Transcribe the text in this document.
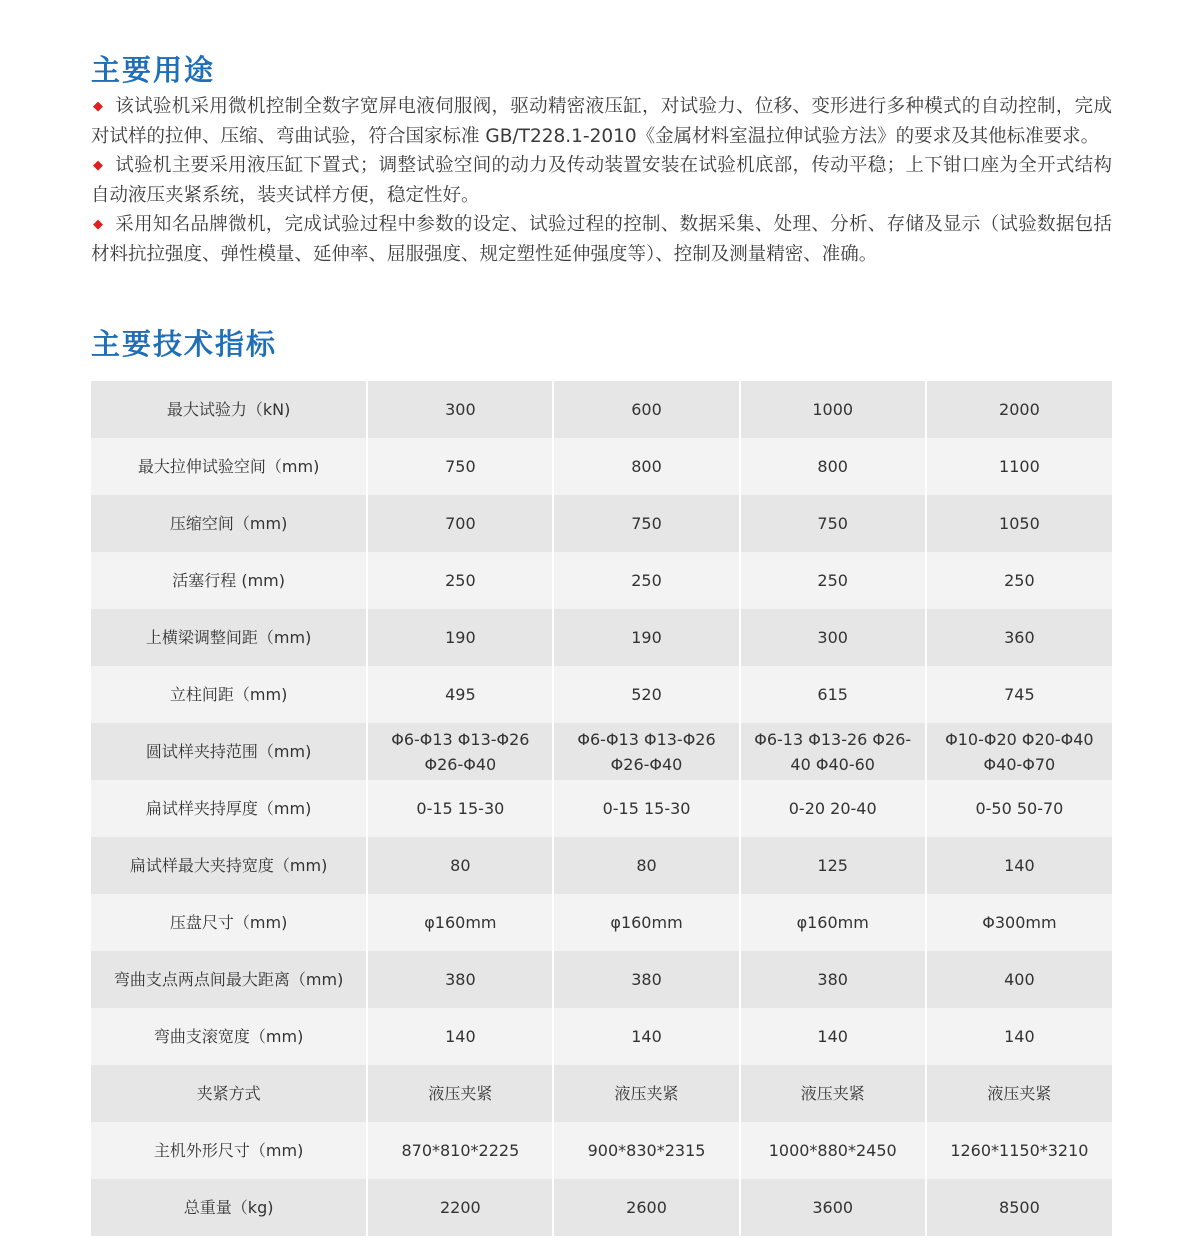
主要用途
◆ 该试验机采用微机控制全数字宽屏电液伺服阀，驱动精密液压缸，对试验力、位移、变形进行多种模式的自动控制，完成对试样的拉伸、压缩、弯曲试验，符合国家标准 GB/T228.1-2010《金属材料室温拉伸试验方法》的要求及其他标准要求。
◆ 试验机主要采用液压缸下置式；调整试验空间的动力及传动装置安装在试验机底部，传动平稳；上下钳口座为全开式结构自动液压夹紧系统，装夹试样方便，稳定性好。
◆ 采用知名品牌微机，完成试验过程中参数的设定、试验过程的控制、数据采集、处理、分析、存储及显示（试验数据包括材料抗拉强度、弹性模量、延伸率、屈服强度、规定塑性延伸强度等）、控制及测量精密、准确。
主要技术指标
最大试验力（kN)	300	600	1000	2000
最大拉伸试验空间（mm)	750	800	800	1100
压缩空间（mm)	700	750	750	1050
活塞行程 (mm)	250	250	250	250
上横梁调整间距（mm)	190	190	300	360
立柱间距（mm)	495	520	615	745
圆试样夹持范围（mm)	Φ6-Φ13 Φ13-Φ26 Φ26-Φ40	Φ6-Φ13 Φ13-Φ26 Φ26-Φ40	Φ6-13 Φ13-26 Φ26-40 Φ40-60	Φ10-Φ20 Φ20-Φ40 Φ40-Φ70
扁试样夹持厚度（mm)	0-15 15-30	0-15 15-30	0-20 20-40	0-50 50-70
扁试样最大夹持宽度（mm)	80	80	125	140
压盘尺寸（mm)	φ160mm	φ160mm	φ160mm	Φ300mm
弯曲支点两点间最大距离（mm)	380	380	380	400
弯曲支滚宽度（mm)	140	140	140	140
夹紧方式	液压夹紧	液压夹紧	液压夹紧	液压夹紧
主机外形尺寸（mm)	870*810*2225	900*830*2315	1000*880*2450	1260*1150*3210
总重量（kg)	2200	2600	3600	8500
